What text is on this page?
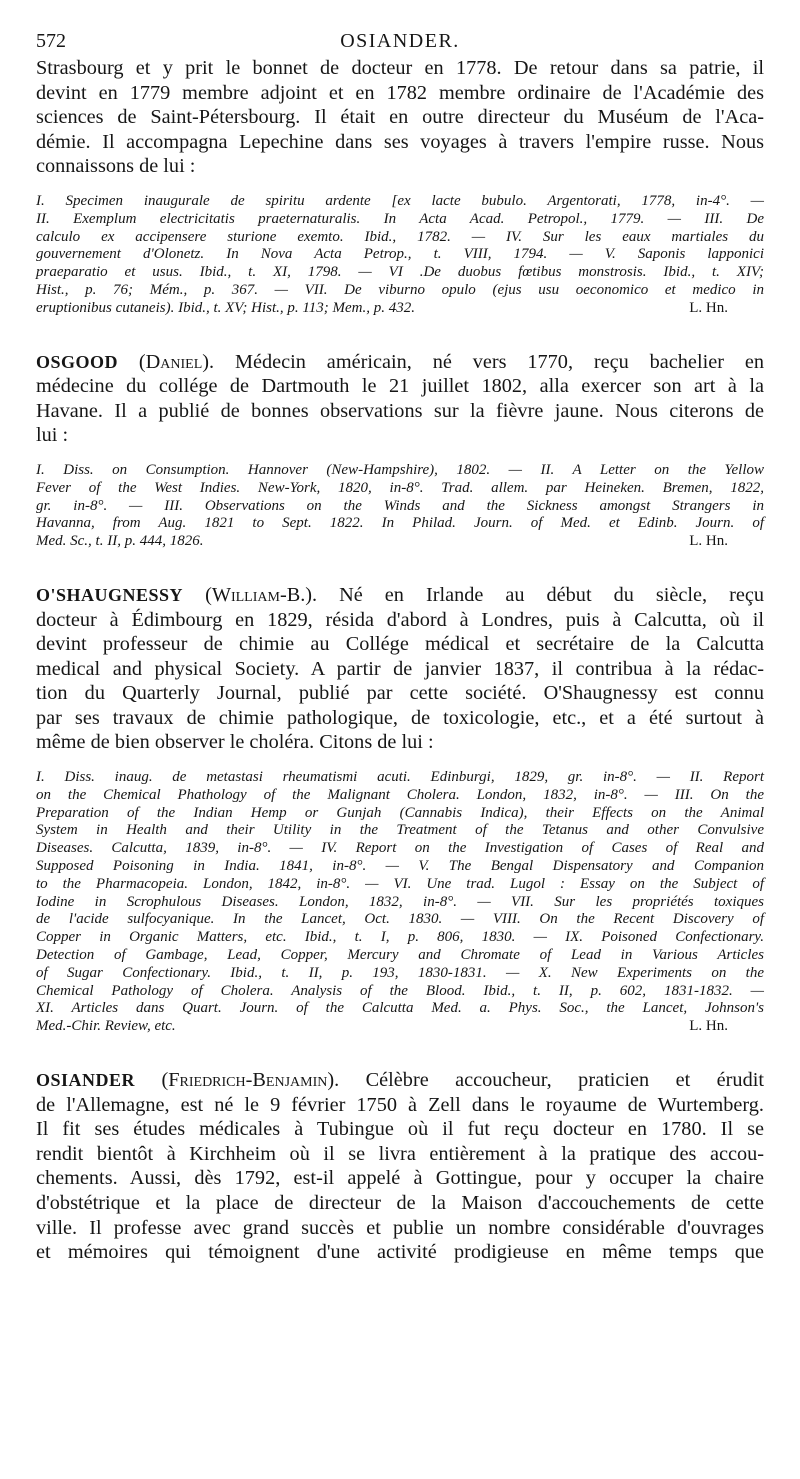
572	OSIANDER.

Strasbourg et y prit le bonnet de docteur en 1778. De retour dans sa patrie, il
devint en 1779 membre adjoint et en 1782 membre ordinaire de l'Académie des
sciences de Saint-Pétersbourg. Il était en outre directeur du Muséum de l'Aca-
démie. Il accompagna Lepechine dans ses voyages à travers l'empire russe. Nous
connaissons de lui :

I. Specimen inaugurale de spiritu ardente [ex lacte bubulo. Argentorati, 1778, in-4°. —
II. Exemplum electricitatis praeternaturalis. In Acta Acad. Petropol., 1779. — III. De
calculo ex accipensere sturione exemto. Ibid., 1782. — IV. Sur les eaux martiales du
gouvernement d'Olonetz. In Nova Acta Petrop., t. VIII, 1794. — V. Saponis lapponici
praeparatio et usus. Ibid., t. XI, 1798. — VI .De duobus fœtibus monstrosis. Ibid., t. XIV;
Hist., p. 76; Mém., p. 367. — VII. De viburno opulo (ejus usu oeconomico et medico in
eruptionibus cutaneis). Ibid., t. XV; Hist., p. 113; Mem., p. 432.	L. Hn.

OSGOOD (Daniel). Médecin américain, né vers 1770, reçu bachelier en
médecine du collége de Dartmouth le 21 juillet 1802, alla exercer son art à la
Havane. Il a publié de bonnes observations sur la fièvre jaune. Nous citerons de
lui :

I. Diss. on Consumption. Hannover (New-Hampshire), 1802. — II. A Letter on the Yellow
Fever of the West Indies. New-York, 1820, in-8°. Trad. allem. par Heineken. Bremen, 1822,
gr. in-8°. — III. Observations on the Winds and the Sickness amongst Strangers in
Havanna, from Aug. 1821 to Sept. 1822. In Philad. Journ. of Med. et Edinb. Journ. of
Med. Sc., t. II, p. 444, 1826.	L. Hn.

O'SHAUGNESSY (William-B.). Né en Irlande au début du siècle, reçu
docteur à Édimbourg en 1829, résida d'abord à Londres, puis à Calcutta, où il
devint professeur de chimie au Collége médical et secrétaire de la Calcutta
medical and physical Society. A partir de janvier 1837, il contribua à la rédac-
tion du Quarterly Journal, publié par cette société. O'Shaugnessy est connu
par ses travaux de chimie pathologique, de toxicologie, etc., et a été surtout à
même de bien observer le choléra. Citons de lui :

I. Diss. inaug. de metastasi rheumatismi acuti. Edinburgi, 1829, gr. in-8°. — II. Report
on the Chemical Phathology of the Malignant Cholera. London, 1832, in-8°. — III. On the
Preparation of the Indian Hemp or Gunjah (Cannabis Indica), their Effects on the Animal
System in Health and their Utility in the Treatment of the Tetanus and other Convulsive
Diseases. Calcutta, 1839, in-8°. — IV. Report on the Investigation of Cases of Real and
Supposed Poisoning in India. 1841, in-8°. — V. The Bengal Dispensatory and Companion
to the Pharmacopeia. London, 1842, in-8°. — VI. Une trad. Lugol : Essay on the Subject of
Iodine in Scrophulous Diseases. London, 1832, in-8°. — VII. Sur les propriétés toxiques
de l'acide sulfocyanique. In the Lancet, Oct. 1830. — VIII. On the Recent Discovery of
Copper in Organic Matters, etc. Ibid., t. I, p. 806, 1830. — IX. Poisoned Confectionary.
Detection of Gambage, Lead, Copper, Mercury and Chromate of Lead in Various Articles
of Sugar Confectionary. Ibid., t. II, p. 193, 1830-1831. — X. New Experiments on the
Chemical Pathology of Cholera. Analysis of the Blood. Ibid., t. II, p. 602, 1831-1832. —
XI. Articles dans Quart. Journ. of the Calcutta Med. a. Phys. Soc., the Lancet, Johnson's
Med.-Chir. Review, etc.	L. Hn.

OSIANDER (Friedrich-Benjamin). Célèbre accoucheur, praticien et érudit
de l'Allemagne, est né le 9 février 1750 à Zell dans le royaume de Wurtemberg.
Il fit ses études médicales à Tubingue où il fut reçu docteur en 1780. Il se
rendit bientôt à Kirchheim où il se livra entièrement à la pratique des accou-
chements. Aussi, dès 1792, est-il appelé à Gottingue, pour y occuper la chaire
d'obstétrique et la place de directeur de la Maison d'accouchements de cette
ville. Il professe avec grand succès et publie un nombre considérable d'ouvrages
et mémoires qui témoignent d'une activité prodigieuse en même temps que
